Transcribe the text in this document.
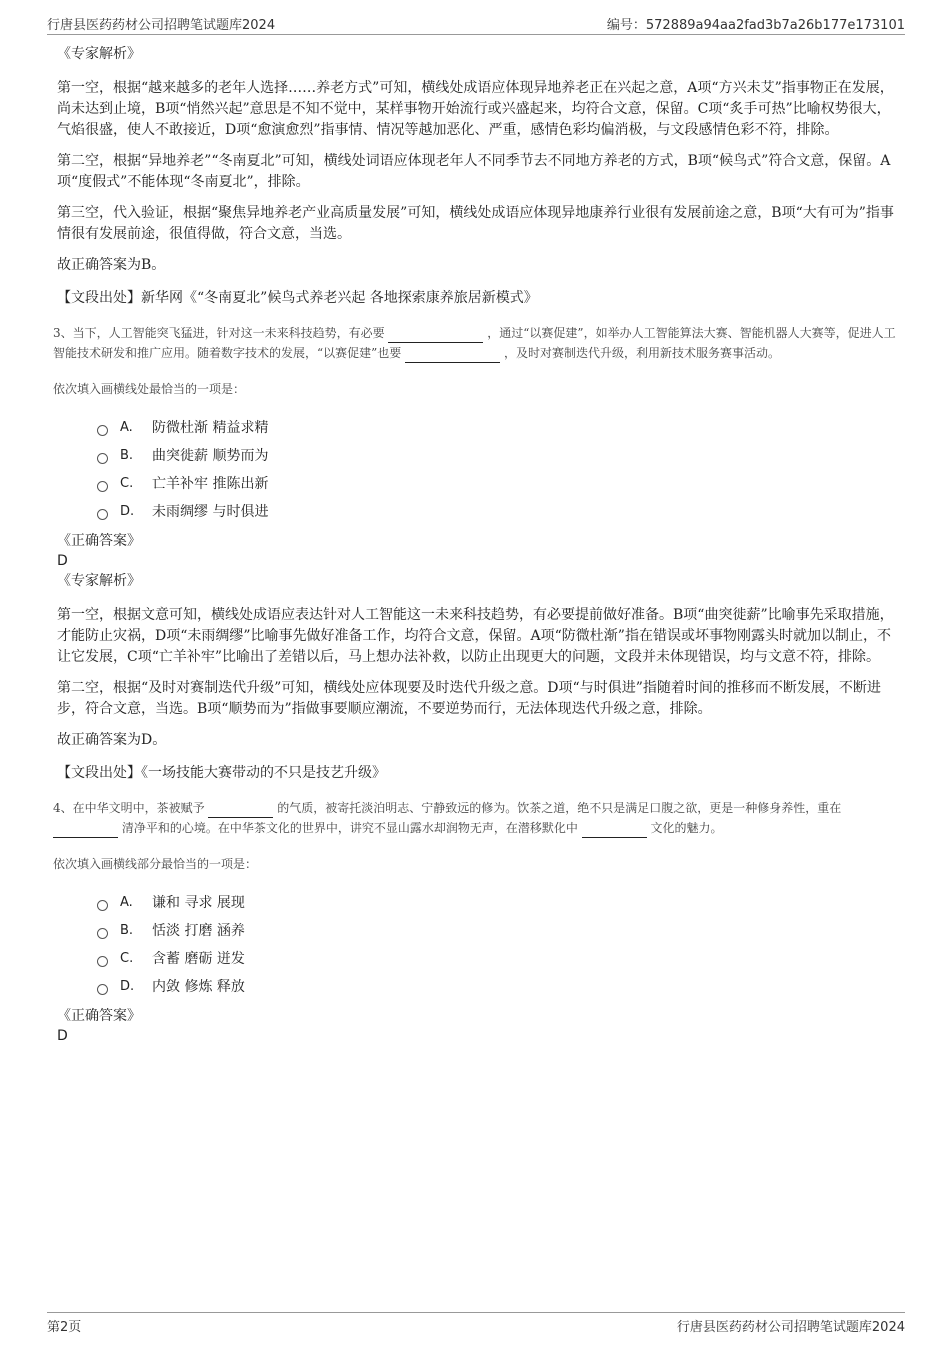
行唐县医药药材公司招聘笔试题库2024	编号：572889a94aa2fad3b7a26b177e173101

《专家解析》

第一空，根据“越来越多的老年人选择……养老方式”可知，横线处成语应体现异地养老正在兴起之意，A项“方兴未艾”指事物正在发展，尚未达到止境，B项“悄然兴起”意思是不知不觉中，某样事物开始流行或兴盛起来，均符合文意，保留。C项“炙手可热”比喻权势很大，气焰很盛，使人不敢接近，D项“愈演愈烈”指事情、情况等越加恶化、严重，感情色彩均偏消极，与文段感情色彩不符，排除。

第二空，根据“异地养老”“冬南夏北”可知，横线处词语应体现老年人不同季节去不同地方养老的方式，B项“候鸟式”符合文意，保留。A项“度假式”不能体现“冬南夏北”，排除。

第三空，代入验证，根据“聚焦异地养老产业高质量发展”可知，横线处成语应体现异地康养行业很有发展前途之意，B项“大有可为”指事情很有发展前途，很值得做，符合文意，当选。

故正确答案为B。

【文段出处】新华网《“冬南夏北”候鸟式养老兴起 各地探索康养旅居新模式》

3、当下，人工智能突飞猛进，针对这一未来科技趋势，有必要	，通过“以赛促建”，如举办人工智能算法大赛、智能机器人大赛等，促进人工智能技术研发和推广应用。随着数字技术的发展，“以赛促建”也要	，及时对赛制迭代升级，利用新技术服务赛事活动。

依次填入画横线处最恰当的一项是：

A.	防微杜渐 精益求精
B.	曲突徙薪 顺势而为
C.	亡羊补牢 推陈出新
D.	未雨绸缪 与时俱进

《正确答案》

D

《专家解析》

第一空，根据文意可知，横线处成语应表达针对人工智能这一未来科技趋势，有必要提前做好准备。B项“曲突徙薪”比喻事先采取措施，才能防止灾祸，D项“未雨绸缪”比喻事先做好准备工作，均符合文意，保留。A项“防微杜渐”指在错误或坏事物刚露头时就加以制止，不让它发展，C项“亡羊补牢”比喻出了差错以后，马上想办法补救，以防止出现更大的问题，文段并未体现错误，均与文意不符，排除。

第二空，根据“及时对赛制迭代升级”可知，横线处应体现要及时迭代升级之意。D项“与时俱进”指随着时间的推移而不断发展，不断进步，符合文意，当选。B项“顺势而为”指做事要顺应潮流，不要逆势而行，无法体现迭代升级之意，排除。

故正确答案为D。

【文段出处】《一场技能大赛带动的不只是技艺升级》

4、在中华文明中，茶被赋予	的气质，被寄托淡泊明志、宁静致远的修为。饮茶之道，绝不只是满足口腹之欲，更是一种修身养性，重在  清净平和的心境。在中华茶文化的世界中，讲究不显山露水却润物无声，在潜移默化中	文化的魅力。

依次填入画横线部分最恰当的一项是：

A.	谦和 寻求 展现
B.	恬淡 打磨 涵养
C.	含蓄 磨砺 迸发
D.	内敛 修炼 释放

《正确答案》

D

第2页	行唐县医药药材公司招聘笔试题库2024
